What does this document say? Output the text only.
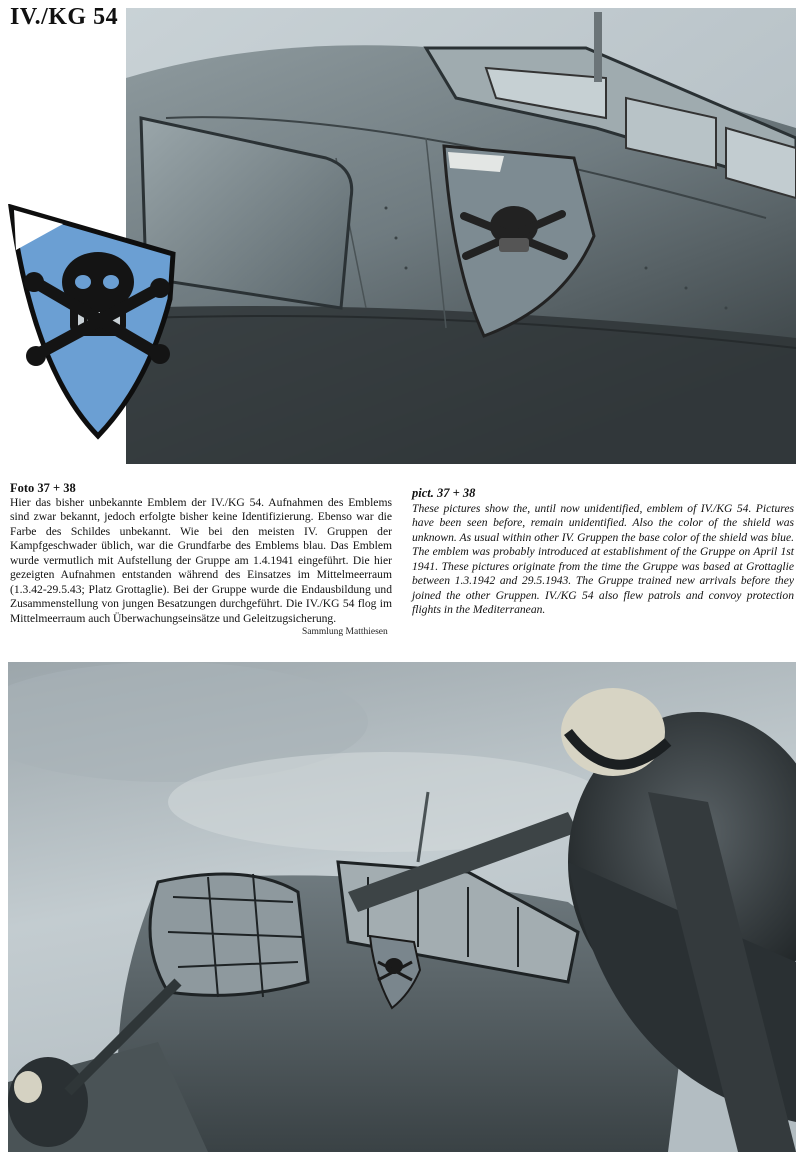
IV./KG 54
Foto 37 + 38
Hier das bisher unbekannte Emblem der IV./KG 54. Aufnahmen des Emblems sind zwar bekannt, jedoch erfolgte bisher keine Identifizierung. Ebenso war die Farbe des Schildes unbekannt. Wie bei den meisten IV. Gruppen der Kampfgeschwader üblich, war die Grundfarbe des Emblems blau. Das Emblem wurde vermutlich mit Aufstellung der Gruppe am 1.4.1941 eingeführt. Die hier gezeigten Aufnahmen entstanden während des Einsatzes im Mittelmeerraum (1.3.42-29.5.43; Platz Grottaglie). Bei der Gruppe wurde die Endausbildung und Zusammenstellung von jungen Besatzungen durchgeführt. Die IV./KG 54 flog im Mittelmeerraum auch Überwachungseinsätze und Geleitzugsicherung.
Sammlung Matthiesen
pict. 37 + 38
These pictures show the, until now unidentified, emblem of IV./KG 54. Pictures have been seen before, remain unidentified. Also the color of the shield was unknown. As usual within other IV. Gruppen the base color of the shield was blue. The emblem was probably introduced at establishment of the Gruppe on April 1st 1941. These pictures originate from the time the Gruppe was based at Grottaglie between 1.3.1942 and 29.5.1943. The Gruppe trained new arrivals before they joined the other Gruppen. IV./KG 54 also flew patrols and convoy protection flights in the Mediterranean.
